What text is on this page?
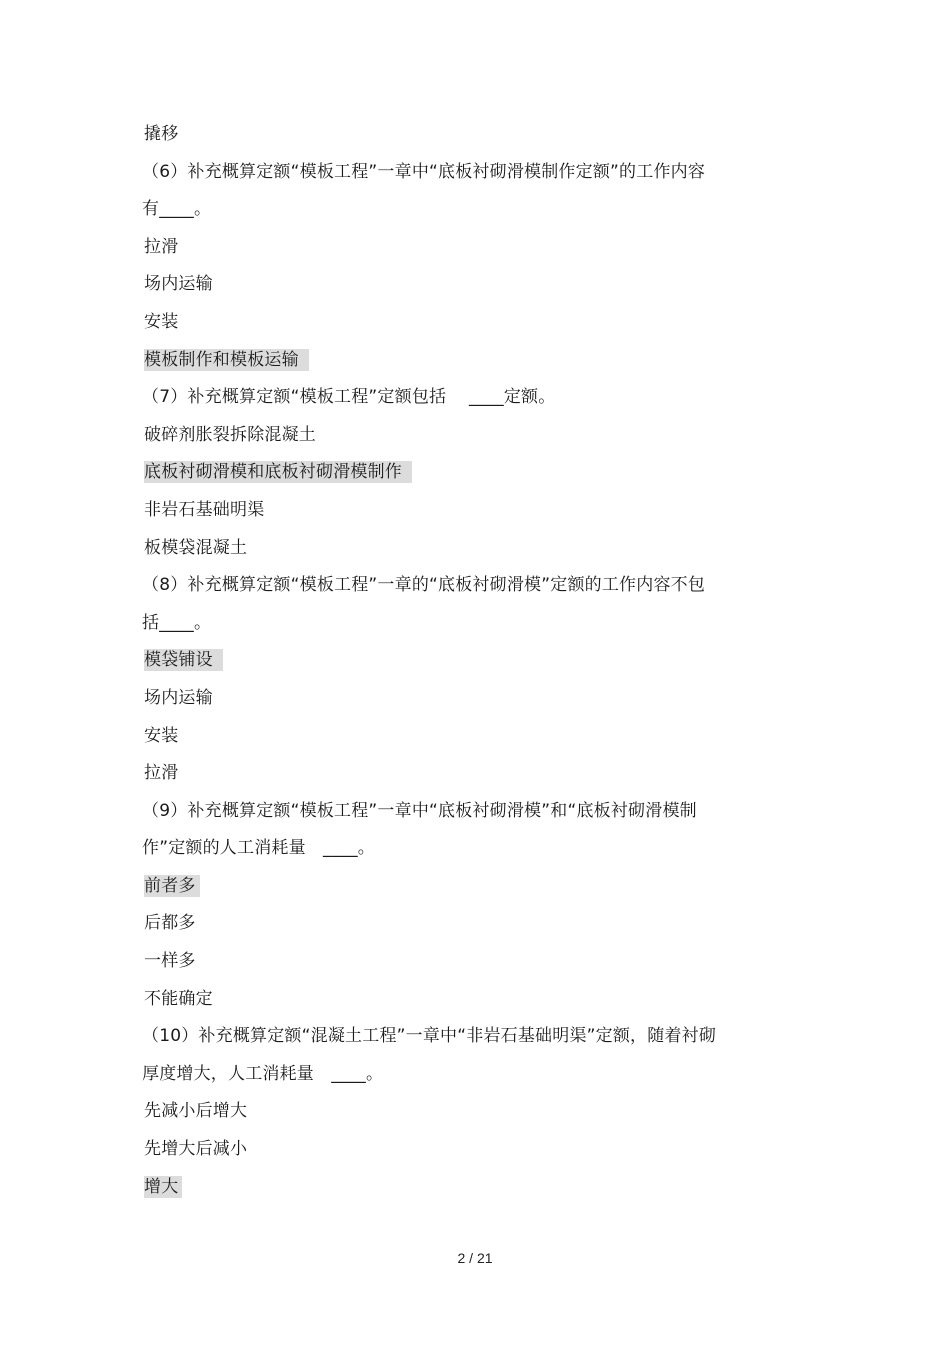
撬移
（6）补充概算定额“模板工程”一章中“底板衬砌滑模制作定额”的工作内容
有____。
拉滑
场内运输
安装
模板制作和模板运输
（7）补充概算定额“模板工程”定额包括　 ____定额。
破碎剂胀裂拆除混凝土
底板衬砌滑模和底板衬砌滑模制作
非岩石基础明渠
板模袋混凝土
（8）补充概算定额“模板工程”一章的“底板衬砌滑模”定额的工作内容不包
括____。
模袋铺设
场内运输
安装
拉滑
（9）补充概算定额“模板工程”一章中“底板衬砌滑模”和“底板衬砌滑模制
作”定额的人工消耗量　____。
前者多
后都多
一样多
不能确定
（10）补充概算定额“混凝土工程”一章中“非岩石基础明渠”定额，随着衬砌
厚度增大，人工消耗量　____。
先减小后增大
先增大后减小
增大
2 / 21
